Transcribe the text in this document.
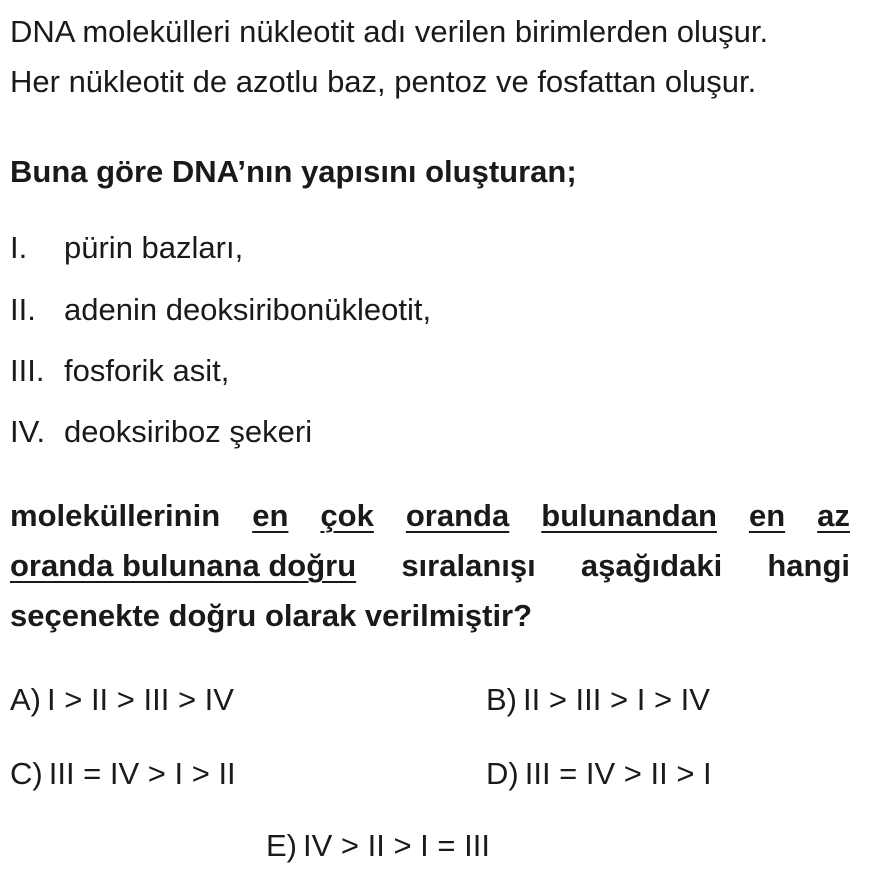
DNA molekülleri nükleotit adı verilen birimlerden oluşur.
Her nükleotit de azotlu baz, pentoz ve fosfattan oluşur.
Buna göre DNA’nın yapısını oluşturan;
I. pürin bazları,
II. adenin deoksiribonükleotit,
III. fosforik asit,
IV. deoksiriboz şekeri
moleküllerinin en çok oranda bulunandan en az
oranda bulunana doğru sıralanışı aşağıdaki hangi
seçenekte doğru olarak verilmiştir?
A) I > II > III > IV	B) II > III > I > IV
C) III = IV > I > II	D) III = IV > II > I
E) IV > II > I = III
